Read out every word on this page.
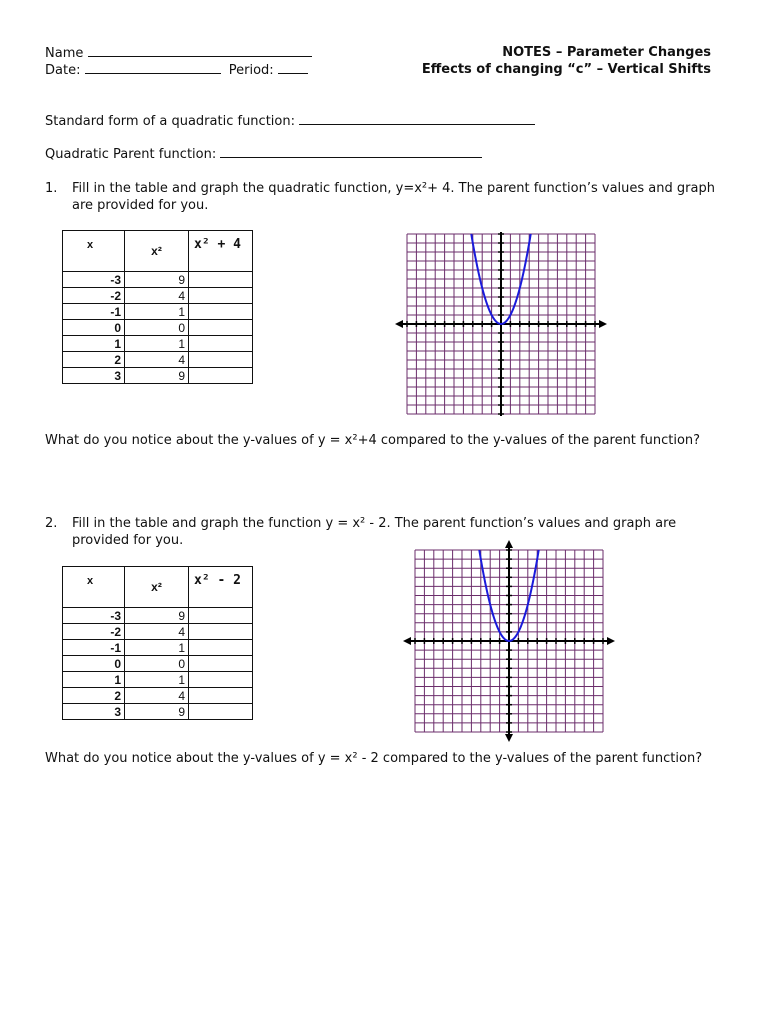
Name
Date:	Period:
NOTES – Parameter Changes
Effects of changing “c” – Vertical Shifts
Standard form of a quadratic function:
Quadratic Parent function:
1.	Fill in the table and graph the quadratic function, y=x²+ 4. The parent function’s values and graph are provided for you.
x	x²	x² + 4
-3	9	
-2	4	
-1	1	
0	0	
1	1	
2	4	
3	9	
What do you notice about the y-values of y = x²+4 compared to the y-values of the parent function?
2.	Fill in the table and graph the function y = x² - 2. The parent function’s values and graph are provided for you.
x	x²	x² - 2
-3	9	
-2	4	
-1	1	
0	0	
1	1	
2	4	
3	9	
What do you notice about the y-values of y = x² - 2 compared to the y-values of the parent function?
